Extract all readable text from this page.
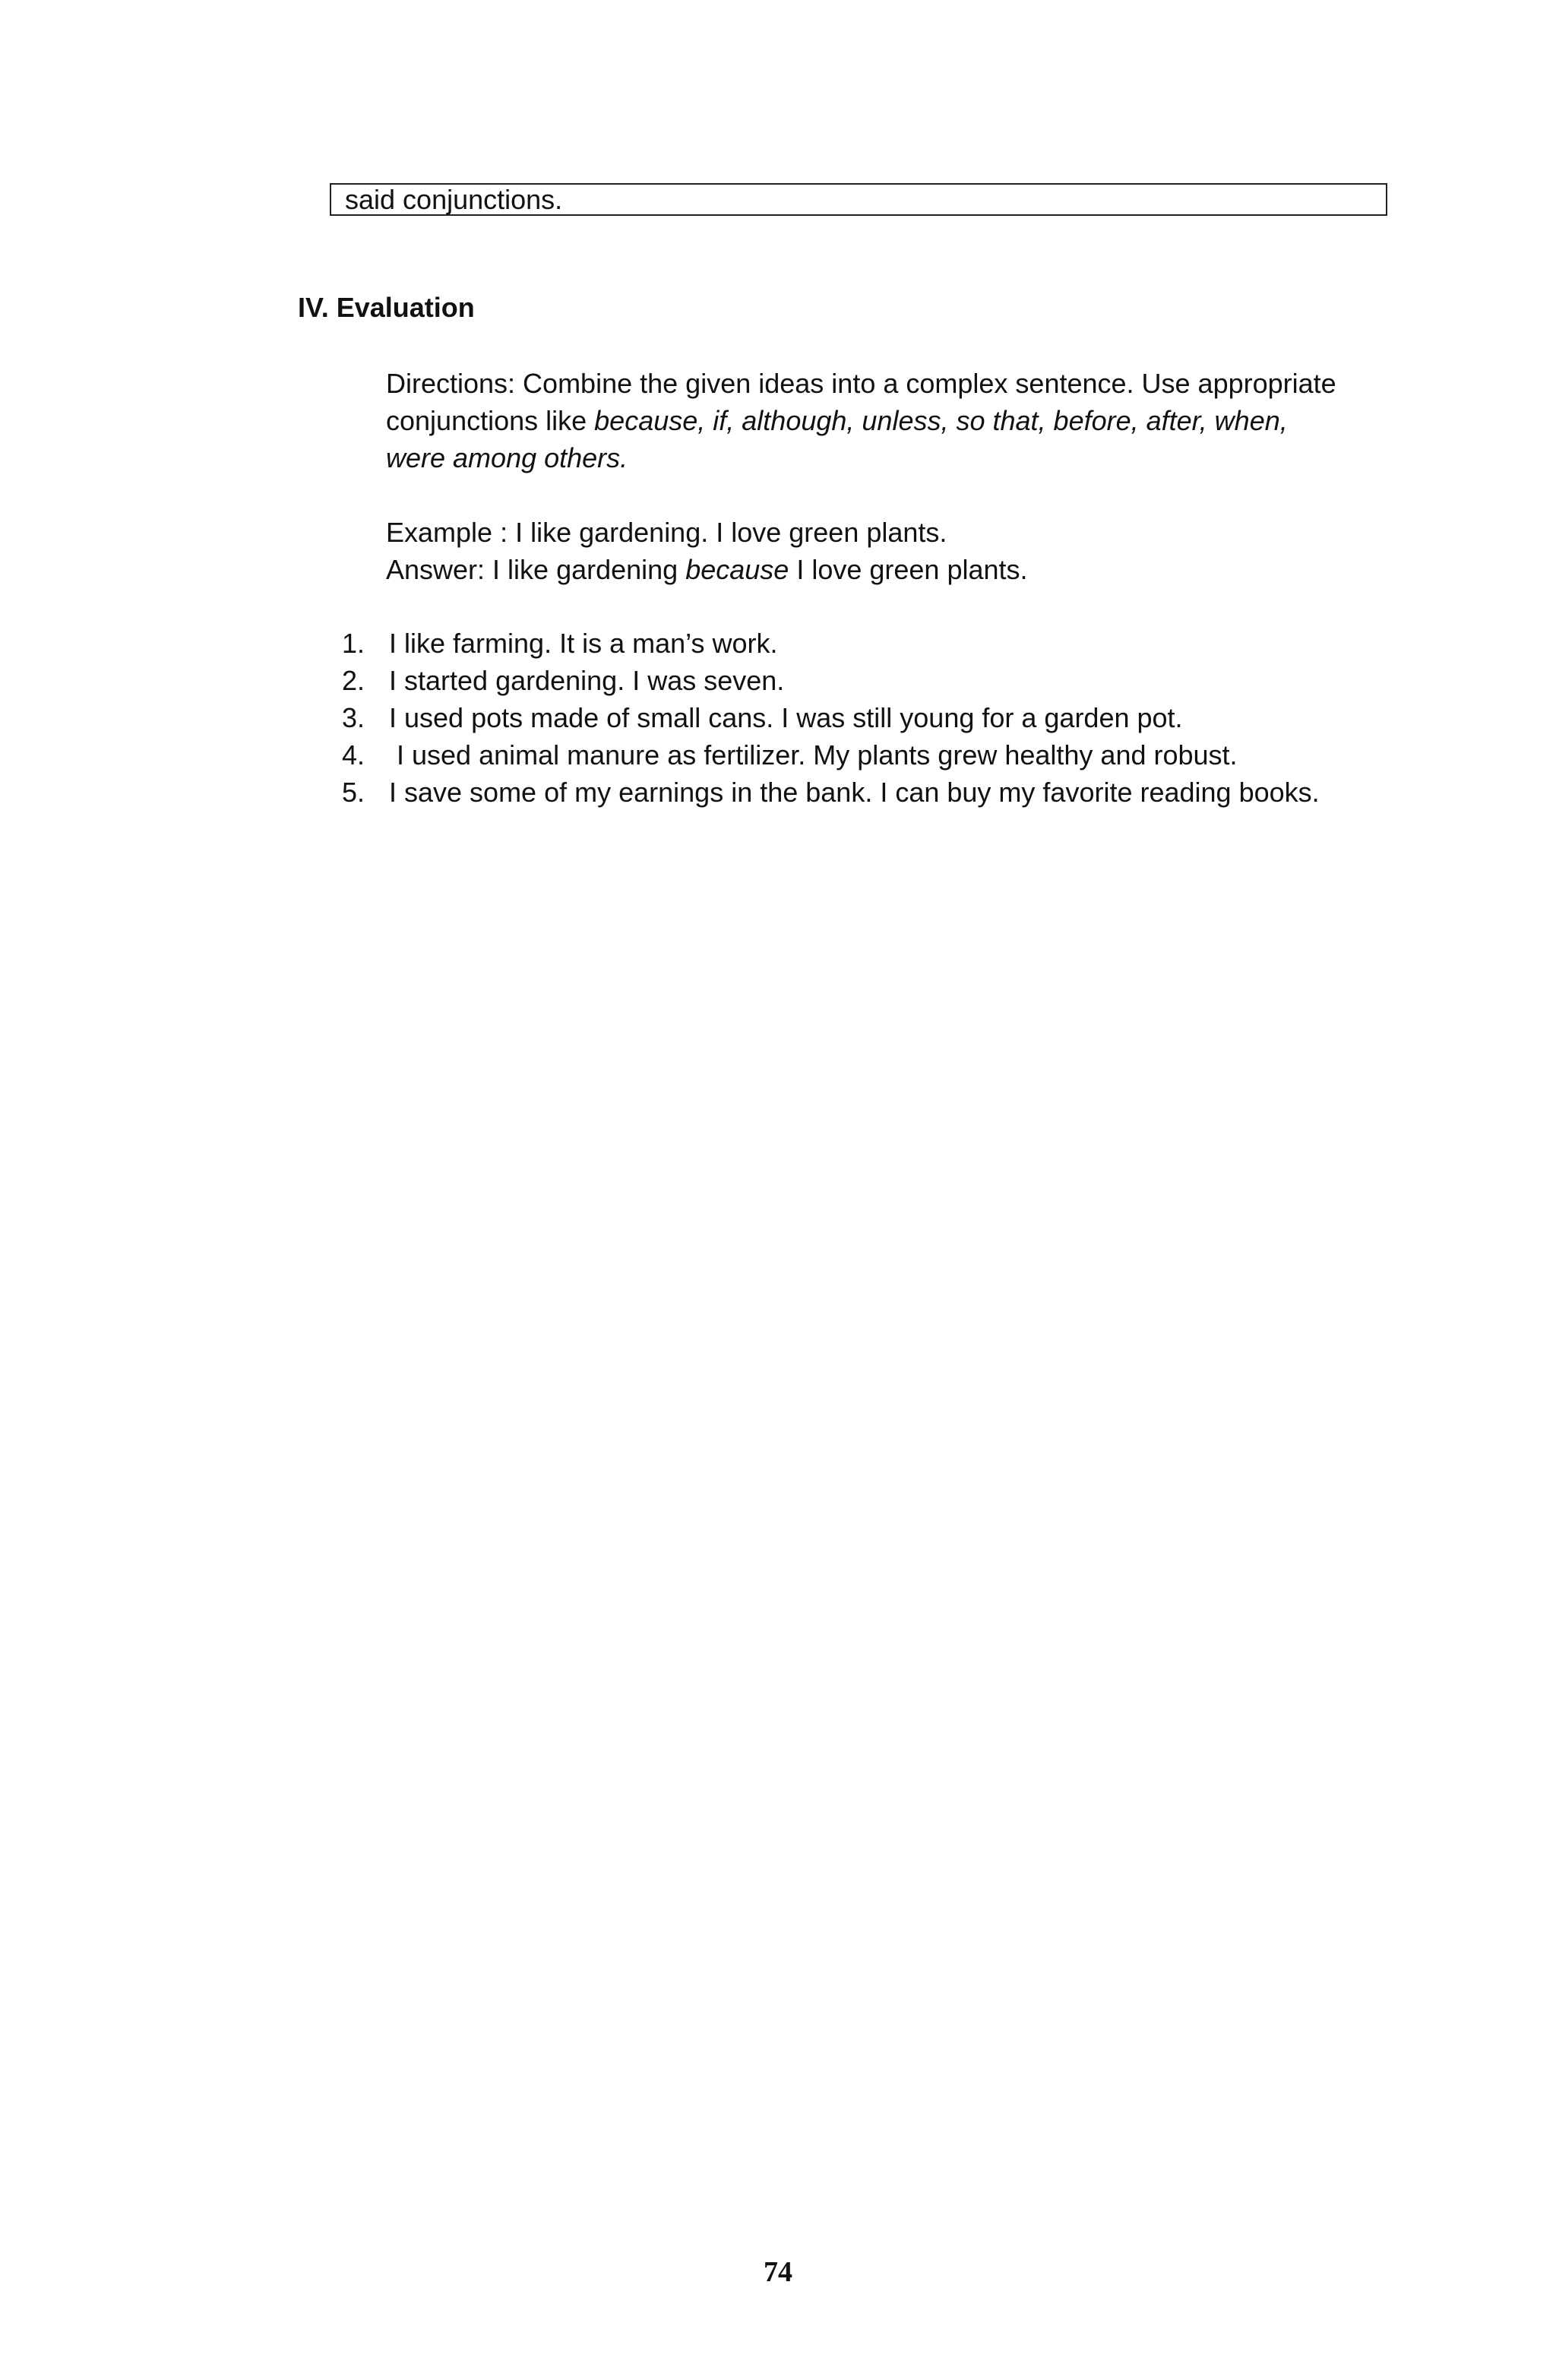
said conjunctions.
IV. Evaluation

Directions: Combine the given ideas into a complex sentence. Use appropriate
conjunctions like because, if, although, unless, so that, before, after, when,
were among others.

Example : I like gardening. I love green plants.
Answer: I like gardening because I love green plants.
1. I like farming. It is a man’s work.
2. I started gardening. I was seven.
3. I used pots made of small cans. I was still young for a garden pot.
4. I used animal manure as fertilizer. My plants grew healthy and robust.
5. I save some of my earnings in the bank. I can buy my favorite reading books.
74
